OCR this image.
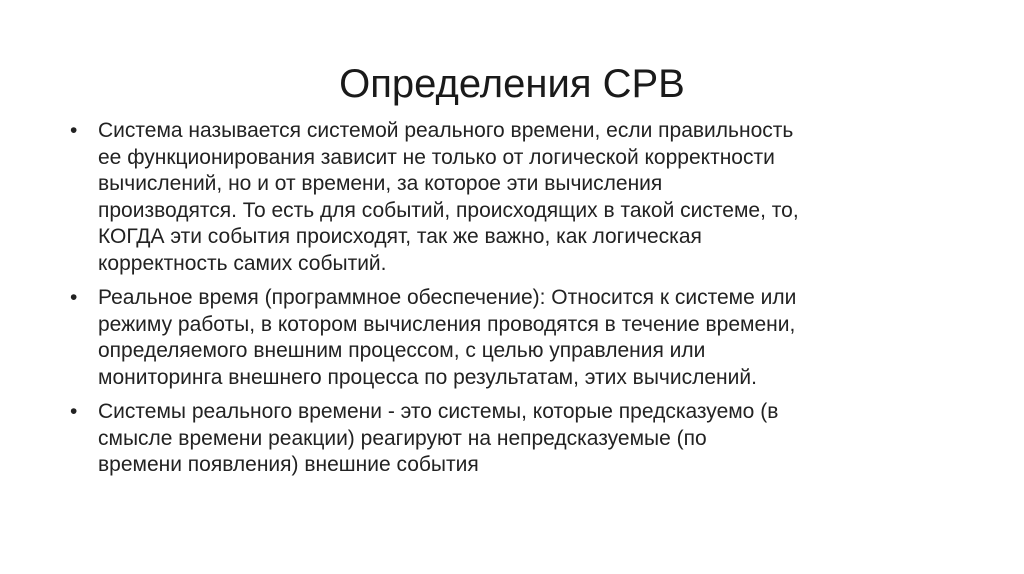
Определения СРВ
• Система называется системой реального времени, если правильность
ее функционирования зависит не только от логической корректности
вычислений, но и от времени, за которое эти вычисления
производятся. То есть для событий, происходящих в такой системе, то,
КОГДА эти события происходят, так же важно, как логическая
корректность самих событий.
• Реальное время (программное обеспечение): Относится к системе или
режиму работы, в котором вычисления проводятся в течение времени,
определяемого внешним процессом, с целью управления или
мониторинга внешнего процесса по результатам, этих вычислений.
• Системы реального времени - это системы, которые предсказуемо (в
смысле времени реакции) реагируют на непредсказуемые (по
времени появления) внешние события
